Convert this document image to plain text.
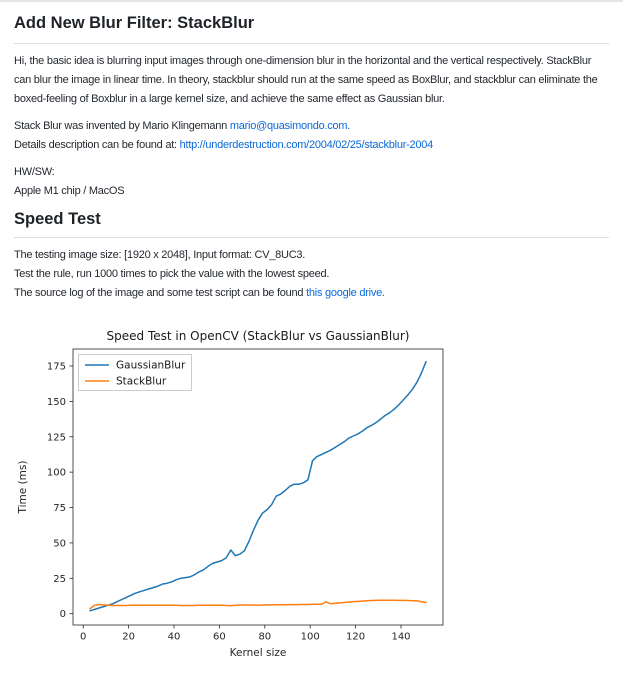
Add New Blur Filter: StackBlur

Hi, the basic idea is blurring input images through one-dimension blur in the horizontal and the vertical respectively. StackBlur can blur the image in linear time. In theory, stackblur should run at the same speed as BoxBlur, and stackblur can eliminate the boxed-feeling of Boxblur in a large kernel size, and achieve the same effect as Gaussian blur.

Stack Blur was invented by Mario Klingemann mario@quasimondo.com.
Details description can be found at: http://underdestruction.com/2004/02/25/stackblur-2004

HW/SW:
Apple M1 chip / MacOS

Speed Test

The testing image size: [1920 x 2048], Input format: CV_8UC3.
Test the rule, run 1000 times to pick the value with the lowest speed.
The source log of the image and some test script can be found this google drive.

Speed Test in OpenCV (StackBlur vs GaussianBlur)
0	20	40	60	80	100	120	140
0
25
50
75
100
125
150
175
Kernel size
Time (ms)
GaussianBlur
StackBlur
